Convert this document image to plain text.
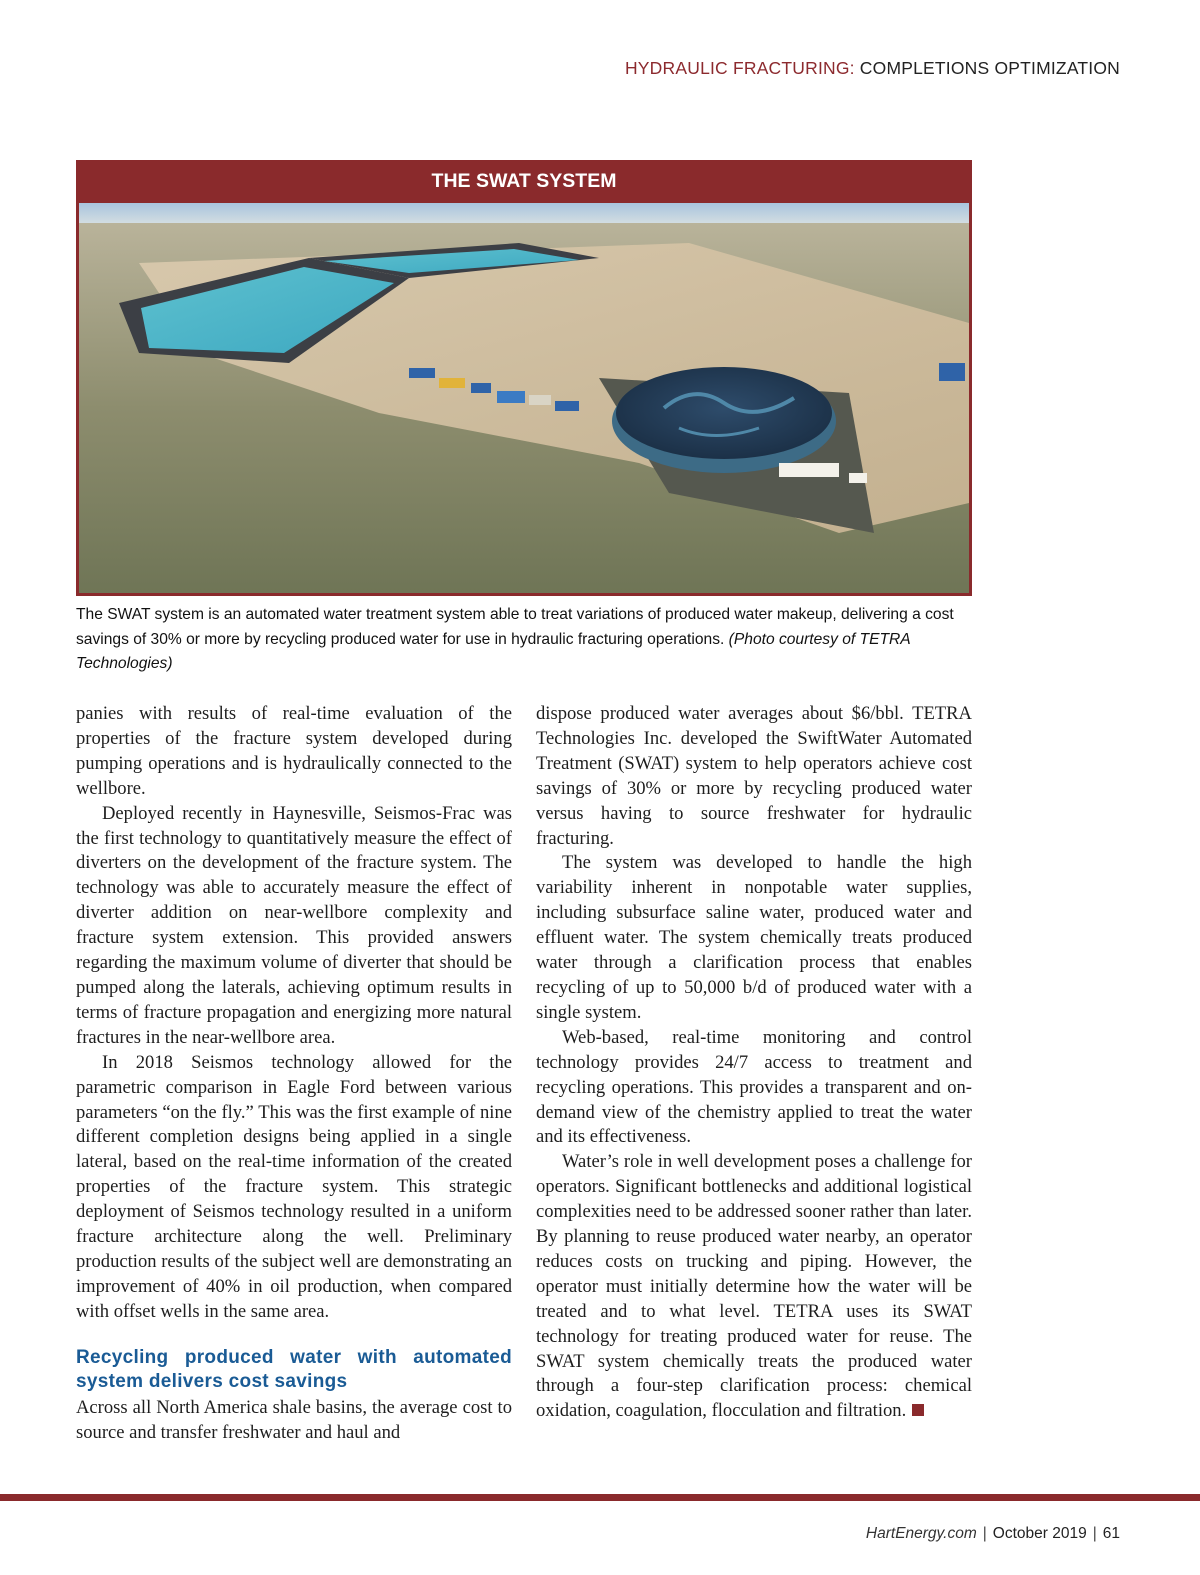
HYDRAULIC FRACTURING: COMPLETIONS OPTIMIZATION
THE SWAT SYSTEM
The SWAT system is an automated water treatment system able to treat variations of produced water makeup, delivering a cost savings of 30% or more by recycling produced water for use in hydraulic fracturing operations. (Photo courtesy of TETRA Technologies)

panies with results of real-time evaluation of the properties of the fracture system developed during pumping operations and is hydraulically connected to the wellbore.

Deployed recently in Haynesville, Seismos-Frac was the first technology to quantitatively measure the effect of diverters on the development of the fracture system. The technology was able to accurately measure the effect of diverter addition on near-wellbore complexity and fracture system extension. This provided answers regarding the maximum volume of diverter that should be pumped along the laterals, achieving optimum results in terms of fracture propagation and energizing more natural fractures in the near-wellbore area.

In 2018 Seismos technology allowed for the parametric comparison in Eagle Ford between various parameters “on the fly.” This was the first example of nine different completion designs being applied in a single lateral, based on the real-time information of the created properties of the fracture system. This strategic deployment of Seismos technology resulted in a uniform fracture architecture along the well. Preliminary production results of the subject well are demonstrating an improvement of 40% in oil production, when compared with offset wells in the same area.

Recycling produced water with automated system delivers cost savings

Across all North America shale basins, the average cost to source and transfer freshwater and haul and

dispose produced water averages about $6/bbl. TETRA Technologies Inc. developed the SwiftWater Automated Treatment (SWAT) system to help operators achieve cost savings of 30% or more by recycling produced water versus having to source freshwater for hydraulic fracturing.

The system was developed to handle the high variability inherent in nonpotable water supplies, including subsurface saline water, produced water and effluent water. The system chemically treats produced water through a clarification process that enables recycling of up to 50,000 b/d of produced water with a single system.

Web-based, real-time monitoring and control technology provides 24/7 access to treatment and recycling operations. This provides a transparent and on-demand view of the chemistry applied to treat the water and its effectiveness.

Water’s role in well development poses a challenge for operators. Significant bottlenecks and additional logistical complexities need to be addressed sooner rather than later. By planning to reuse produced water nearby, an operator reduces costs on trucking and piping. However, the operator must initially determine how the water will be treated and to what level. TETRA uses its SWAT technology for treating produced water for reuse. The SWAT system chemically treats the produced water through a four-step clarification process: chemical oxidation, coagulation, flocculation and filtration.

HartEnergy.com | October 2019 | 61
